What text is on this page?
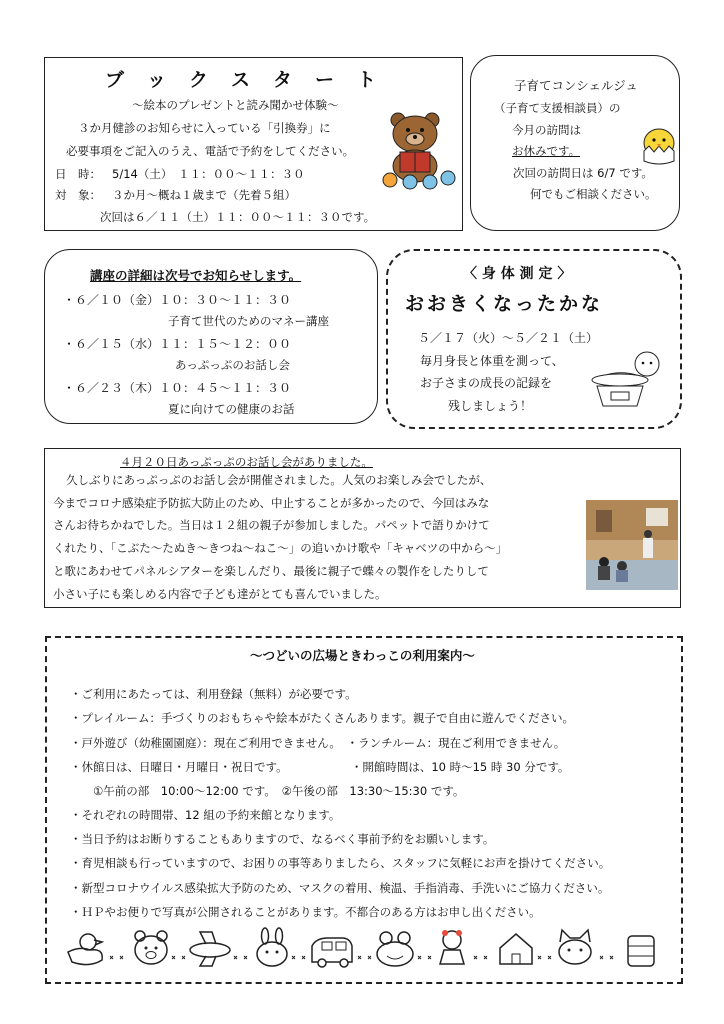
ブ　ッ　ク　ス　タ　ー　ト
～絵本のプレゼントと読み聞かせ体験～
３か月健診のお知らせに入っている「引換券」に
必要事項をご記入のうえ、電話で予約をしてください。
日　時： 5/14（土）　１１：００～１１：３０
対　象： ３か月～概ね１歳まで（先着５組）
次回は６／１１（土）１１：００～１１：３０です。
子育てコンシェルジュ
（子育て支援相談員）の
今月の訪問は
お休みです。
次回の訪問日は 6/7 です。
何でもご相談ください。
講座の詳細は次号でお知らせします。
・６／１０（金）１０：３０～１１：３０
子育て世代のためのマネー講座
・６／１５（水）１１：１５～１２：００
あっぷっぷのお話し会
・６／２３（木）１０：４５～１１：３０
夏に向けての健康のお話
〈 身 体 測 定 〉
おおきくなったかな
５／１７（火）～５／２１（土）
毎月身長と体重を測って、
お子さまの成長の記録を
残しましょう！
４月２０日あっぷっぷのお話し会がありました。
久しぶりにあっぷっぷのお話し会が開催されました。人気のお楽しみ会でしたが、
今までコロナ感染症予防拡大防止のため、中止することが多かったので、今回はみな
さんお待ちかねでした。当日は１２組の親子が参加しました。パペットで語りかけて
くれたり、「こぶた～たぬき～きつね～ねこ～」の追いかけ歌や「キャベツの中から～」
と歌にあわせてパネルシアターを楽しんだり、最後に親子で蝶々の製作をしたりして
小さい子にも楽しめる内容で子ども達がとても喜んでいました。
～つどいの広場ときわっこの利用案内～
・ご利用にあたっては、利用登録（無料）が必要です。
・プレイルーム：手づくりのおもちゃや絵本がたくさんあります。親子で自由に遊んでください。
・戸外遊び（幼稚園園庭）：現在ご利用できません。　・ランチルーム：現在ご利用できません。
・休館日は、日曜日・月曜日・祝日です。　　　　　　・開館時間は、10 時～15 時 30 分です。
　　①午前の部　10:00～12:00 です。　②午後の部　13:30～15:30 です。
・それぞれの時間帯、12 組の予約来館となります。
・当日予約はお断りすることもありますので、なるべく事前予約をお願いします。
・育児相談も行っていますので、お困りの事等ありましたら、スタッフに気軽にお声を掛けてください。
・新型コロナウイルス感染拡大予防のため、マスクの着用、検温、手指消毒、手洗いにご協力ください。
・ＨＰやお便りで写真が公開されることがあります。不都合のある方はお申し出ください。
